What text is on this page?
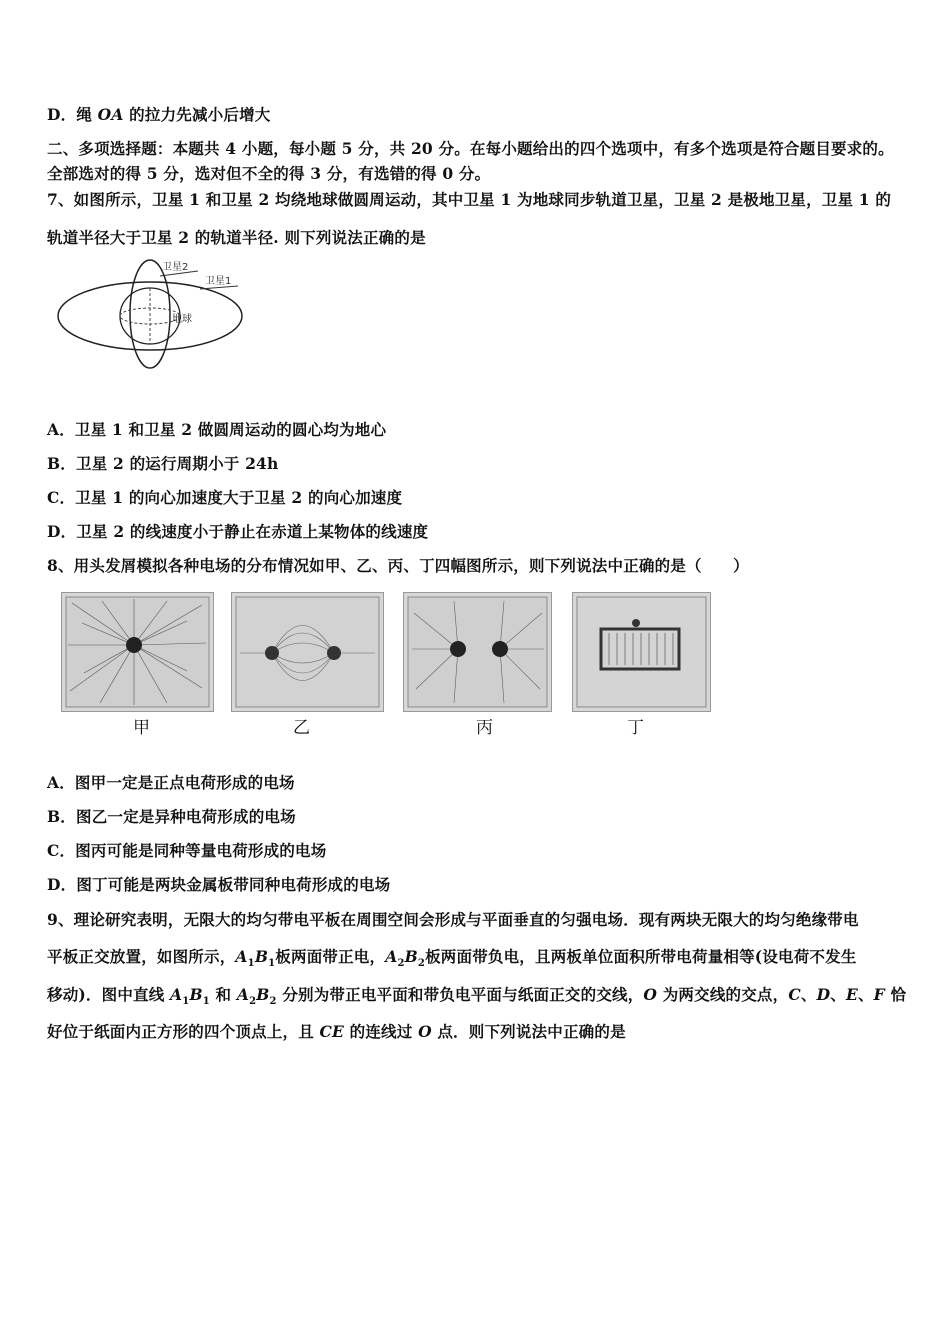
D．绳 OA 的拉力先减小后增大
二、多项选择题：本题共 4 小题，每小题 5 分，共 20 分。在每小题给出的四个选项中，有多个选项是符合题目要求的。
全部选对的得 5 分，选对但不全的得 3 分，有选错的得 0 分。
7、如图所示，卫星 1 和卫星 2 均绕地球做圆周运动，其中卫星 1 为地球同步轨道卫星，卫星 2 是极地卫星，卫星 1 的
轨道半径大于卫星 2 的轨道半径. 则下列说法正确的是
卫星2
卫星1
地球
A．卫星 1 和卫星 2 做圆周运动的圆心均为地心
B．卫星 2 的运行周期小于 24h
C．卫星 1 的向心加速度大于卫星 2 的向心加速度
D．卫星 2 的线速度小于静止在赤道上某物体的线速度
8、用头发屑模拟各种电场的分布情况如甲、乙、丙、丁四幅图所示，则下列说法中正确的是（　　）
甲	乙	丙	丁
A．图甲一定是正点电荷形成的电场
B．图乙一定是异种电荷形成的电场
C．图丙可能是同种等量电荷形成的电场
D．图丁可能是两块金属板带同种电荷形成的电场
9、理论研究表明，无限大的均匀带电平板在周围空间会形成与平面垂直的匀强电场．现有两块无限大的均匀绝缘带电
平板正交放置，如图所示，$A_1B_1$板两面带正电，$A_2B_2$板两面带负电，且两板单位面积所带电荷量相等(设电荷不发生
移动)．图中直线 $A_1B_1$ 和 $A_2B_2$ 分别为带正电平面和带负电平面与纸面正交的交线，O 为两交线的交点，C、D、E、F 恰
好位于纸面内正方形的四个顶点上，且 CE 的连线过 O 点．则下列说法中正确的是
